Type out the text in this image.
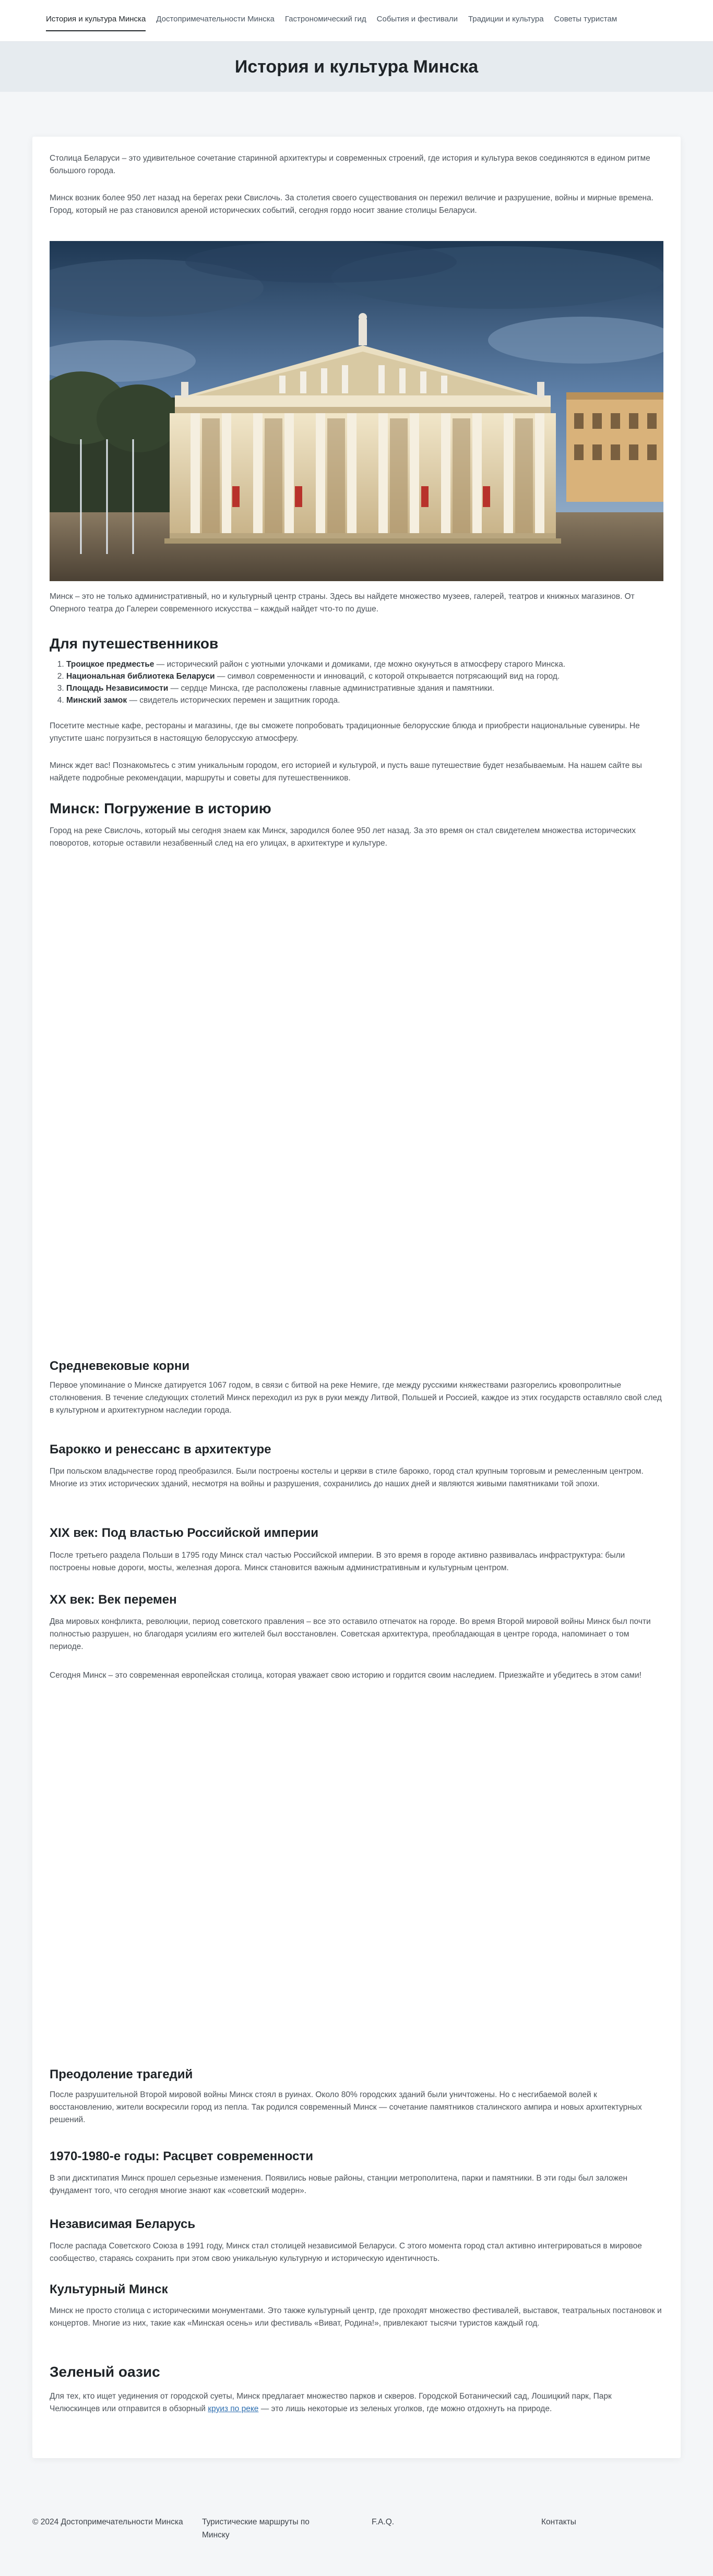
История и культура Минска Достопримечательности Минска Гастрономический гид События и фестивали Традиции и культура Советы туристам
История и культура Минска

Столица Беларуси – это удивительное сочетание старинной архитектуры и современных строений, где история и культура веков соединяются в едином ритме большого города.

Минск возник более 950 лет назад на берегах реки Свислочь. За столетия своего существования он пережил величие и разрушение, войны и мирные времена. Город, который не раз становился ареной исторических событий, сегодня гордо носит звание столицы Беларуси.

Минск – это не только административный, но и культурный центр страны. Здесь вы найдете множество музеев, галерей, театров и книжных магазинов. От Оперного театра до Галереи современного искусства – каждый найдет что-то по душе.

Для путешественников
1. Троицкое предместье — исторический район с уютными улочками и домиками, где можно окунуться в атмосферу старого Минска.
2. Национальная библиотека Беларуси — символ современности и инноваций, с которой открывается потрясающий вид на город.
3. Площадь Независимости — сердце Минска, где расположены главные административные здания и памятники.
4. Минский замок — свидетель исторических перемен и защитник города.

Посетите местные кафе, рестораны и магазины, где вы сможете попробовать традиционные белорусские блюда и приобрести национальные сувениры. Не упустите шанс погрузиться в настоящую белорусскую атмосферу.

Минск ждет вас! Познакомьтесь с этим уникальным городом, его историей и культурой, и пусть ваше путешествие будет незабываемым. На нашем сайте вы найдете подробные рекомендации, маршруты и советы для путешественников.

Минск: Погружение в историю

Город на реке Свислочь, который мы сегодня знаем как Минск, зародился более 950 лет назад. За это время он стал свидетелем множества исторических поворотов, которые оставили незабвенный след на его улицах, в архитектуре и культуре.

Средневековые корни

Первое упоминание о Минске датируется 1067 годом, в связи с битвой на реке Немиге, где между русскими княжествами разгорелись кровопролитные столкновения. В течение следующих столетий Минск переходил из рук в руки между Литвой, Польшей и Россией, каждое из этих государств оставляло свой след в культурном и архитектурном наследии города.

Барокко и ренессанс в архитектуре

При польском владычестве город преобразился. Были построены костелы и церкви в стиле барокко, город стал крупным торговым и ремесленным центром. Многие из этих исторических зданий, несмотря на войны и разрушения, сохранились до наших дней и являются живыми памятниками той эпохи.

XIX век: Под властью Российской империи

После третьего раздела Польши в 1795 году Минск стал частью Российской империи. В это время в городе активно развивалась инфраструктура: были построены новые дороги, мосты, железная дорога. Минск становится важным административным и культурным центром.

XX век: Век перемен

Два мировых конфликта, революции, период советского правления – все это оставило отпечаток на городе. Во время Второй мировой войны Минск был почти полностью разрушен, но благодаря усилиям его жителей был восстановлен. Советская архитектура, преобладающая в центре города, напоминает о том периоде.

Сегодня Минск – это современная европейская столица, которая уважает свою историю и гордится своим наследием. Приезжайте и убедитесь в этом сами!

Преодоление трагедий

После разрушительной Второй мировой войны Минск стоял в руинах. Около 80% городских зданий были уничтожены. Но с несгибаемой волей к восстановлению, жители воскресили город из пепла. Так родился современный Минск — сочетание памятников сталинского ампира и новых архитектурных решений.

1970-1980-е годы: Расцвет современности

В эпи дисктипатия Минск прошел серьезные изменения. Появились новые районы, станции метрополитена, парки и памятники. В эти годы был заложен фундамент того, что сегодня многие знают как «советский модерн».

Независимая Беларусь

После распада Советского Союза в 1991 году, Минск стал столицей независимой Беларуси. С этого момента город стал активно интегрироваться в мировое сообщество, стараясь сохранить при этом свою уникальную культурную и историческую идентичность.

Культурный Минск

Минск не просто столица с историческими монументами. Это также культурный центр, где проходят множество фестивалей, выставок, театральных постановок и концертов. Многие из них, такие как «Минская осень» или фестиваль «Виват, Родина!», привлекают тысячи туристов каждый год.

Зеленый оазис

Для тех, кто ищет уединения от городской суеты, Минск предлагает множество парков и скверов. Городской Ботанический сад, Лошицкий парк, Парк Челюскинцев или отправится в обзорный круиз по реке — это лишь некоторые из зеленых уголков, где можно отдохнуть на природе.

© 2024 Достопримечательности Минска	Туристические маршруты по Минску
F.A.Q.	Контакты
